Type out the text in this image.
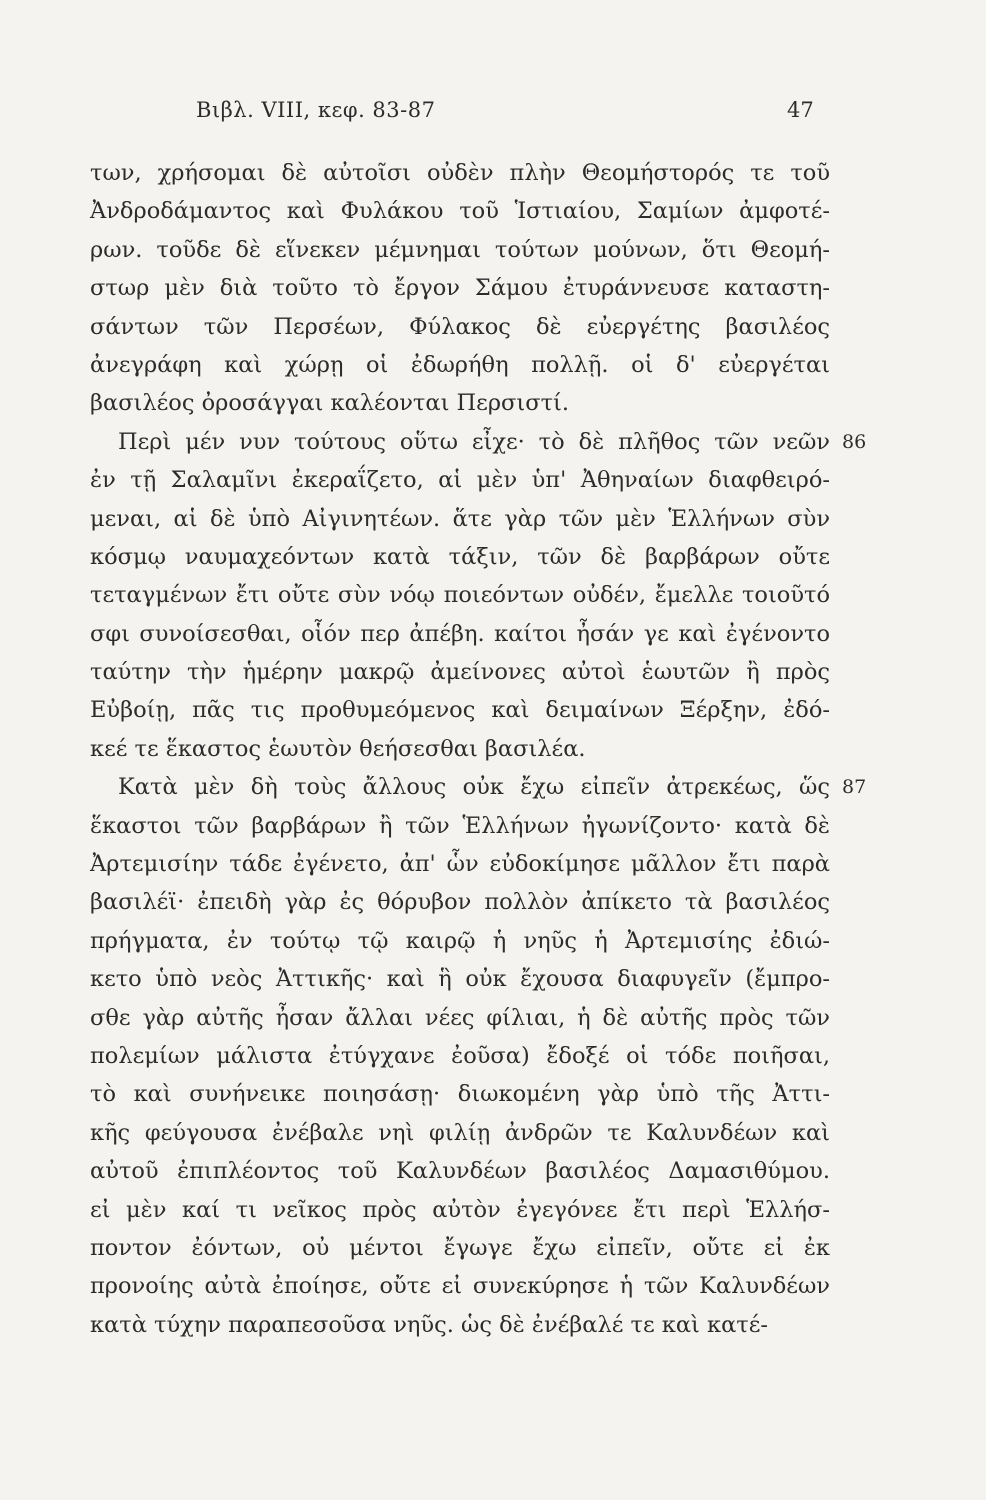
Βιβλ. VIII, κεφ. 83-87	47
των, χρήσομαι δὲ αὐτοῖσι οὐδὲν πλὴν Θεομήστορός τε τοῦ
Ἀνδροδάμαντος καὶ Φυλάκου τοῦ Ἱστιαίου, Σαμίων ἀμφοτέ-
ρων. τοῦδε δὲ εἵνεκεν μέμνημαι τούτων μούνων, ὅτι Θεομή-
στωρ μὲν διὰ τοῦτο τὸ ἔργον Σάμου ἐτυράννευσε καταστη-
σάντων τῶν Περσέων, Φύλακος δὲ εὐεργέτης βασιλέος
ἀνεγράφη καὶ χώρῃ οἱ ἐδωρήθη πολλῇ. οἱ δ' εὐεργέται
βασιλέος ὀροσάγγαι καλέονται Περσιστί.
Περὶ μέν νυν τούτους οὕτω εἶχε· τὸ δὲ πλῆθος τῶν νεῶν 86
ἐν τῇ Σαλαμῖνι ἐκεραΐζετο, αἱ μὲν ὑπ' Ἀθηναίων διαφθειρό-
μεναι, αἱ δὲ ὑπὸ Αἰγινητέων. ἅτε γὰρ τῶν μὲν Ἑλλήνων σὺν
κόσμῳ ναυμαχεόντων κατὰ τάξιν, τῶν δὲ βαρβάρων οὔτε
τεταγμένων ἔτι οὔτε σὺν νόῳ ποιεόντων οὐδέν, ἔμελλε τοιοῦτό
σφι συνοίσεσθαι, οἷόν περ ἀπέβη. καίτοι ἦσάν γε καὶ ἐγένοντο
ταύτην τὴν ἡμέρην μακρῷ ἀμείνονες αὐτοὶ ἑωυτῶν ἢ πρὸς
Εὐβοίῃ, πᾶς τις προθυμεόμενος καὶ δειμαίνων Ξέρξην, ἐδό-
κεέ τε ἕκαστος ἑωυτὸν θεήσεσθαι βασιλέα.
Κατὰ μὲν δὴ τοὺς ἄλλους οὐκ ἔχω εἰπεῖν ἀτρεκέως, ὥς 87
ἕκαστοι τῶν βαρβάρων ἢ τῶν Ἑλλήνων ἠγωνίζοντο· κατὰ δὲ
Ἀρτεμισίην τάδε ἐγένετο, ἀπ' ὧν εὐδοκίμησε μᾶλλον ἔτι παρὰ
βασιλέϊ· ἐπειδὴ γὰρ ἐς θόρυβον πολλὸν ἀπίκετο τὰ βασιλέος
πρήγματα, ἐν τούτῳ τῷ καιρῷ ἡ νηῦς ἡ Ἀρτεμισίης ἐδιώ-
κετο ὑπὸ νεὸς Ἀττικῆς· καὶ ἣ οὐκ ἔχουσα διαφυγεῖν (ἔμπρο-
σθε γὰρ αὐτῆς ἦσαν ἄλλαι νέες φίλιαι, ἡ δὲ αὐτῆς πρὸς τῶν
πολεμίων μάλιστα ἐτύγχανε ἐοῦσα) ἔδοξέ οἱ τόδε ποιῆσαι,
τὸ καὶ συνήνεικε ποιησάσῃ· διωκομένη γὰρ ὑπὸ τῆς Ἀττι-
κῆς φεύγουσα ἐνέβαλε νηὶ φιλίῃ ἀνδρῶν τε Καλυνδέων καὶ
αὐτοῦ ἐπιπλέοντος τοῦ Καλυνδέων βασιλέος Δαμασιθύμου.
εἰ μὲν καί τι νεῖκος πρὸς αὐτὸν ἐγεγόνεε ἔτι περὶ Ἑλλήσ-
ποντον ἐόντων, οὐ μέντοι ἔγωγε ἔχω εἰπεῖν, οὔτε εἰ ἐκ
προνοίης αὐτὰ ἐποίησε, οὔτε εἰ συνεκύρησε ἡ τῶν Καλυνδέων
κατὰ τύχην παραπεσοῦσα νηῦς. ὡς δὲ ἐνέβαλέ τε καὶ κατέ-
